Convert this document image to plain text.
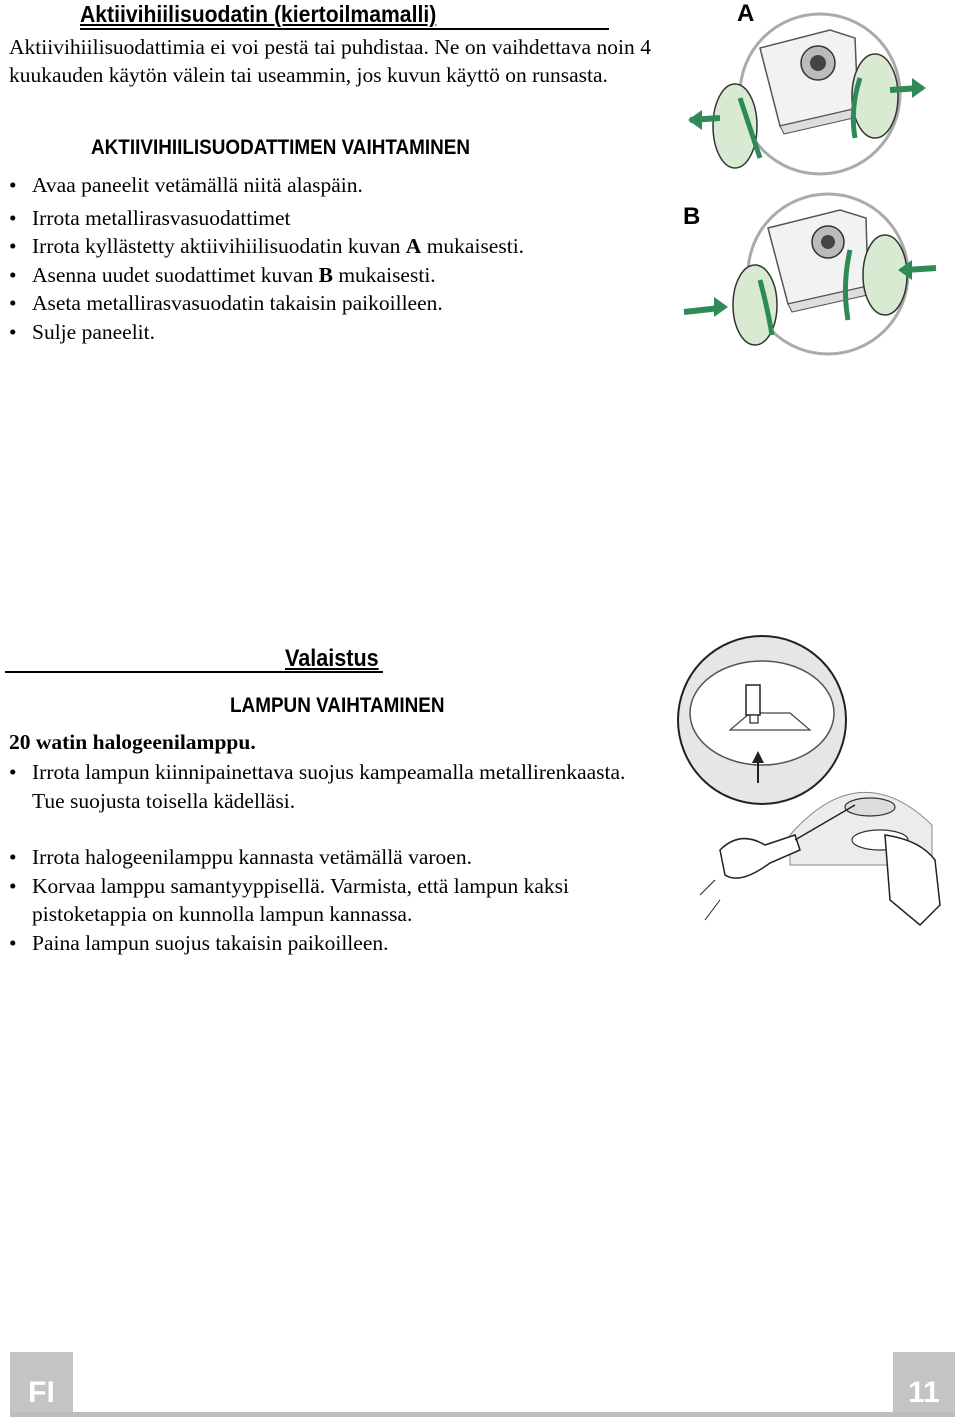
Aktiivihiilisuodatin (kiertoilmamalli)
Aktiivihiilisuodattimia ei voi pestä tai puhdistaa. Ne on vaihdettava noin 4 kuukauden käytön välein tai useammin, jos kuvun käyttö on runsasta.
AKTIIVIHIILISUODATTIMEN VAIHTAMINEN
• Avaa paneelit vetämällä niitä alaspäin.
• Irrota metallirasvasuodattimet
• Irrota kyllästetty aktiivihiilisuodatin kuvan A mukaisesti.
• Asenna uudet suodattimet kuvan B mukaisesti.
• Aseta metallirasvasuodatin takaisin paikoilleen.
• Sulje paneelit.
A
B
Valaistus
LAMPUN VAIHTAMINEN
20 watin halogeenilamppu.
• Irrota lampun kiinnipainettava suojus kampeamalla metallirenkaasta. Tue suojusta toisella kädelläsi.
• Irrota halogeenilamppu kannasta vetämällä varoen.
• Korvaa lamppu samantyyppisellä. Varmista, että lampun kaksi pistoketappia on kunnolla lampun kannassa.
• Paina lampun suojus takaisin paikoilleen.
FI	11
